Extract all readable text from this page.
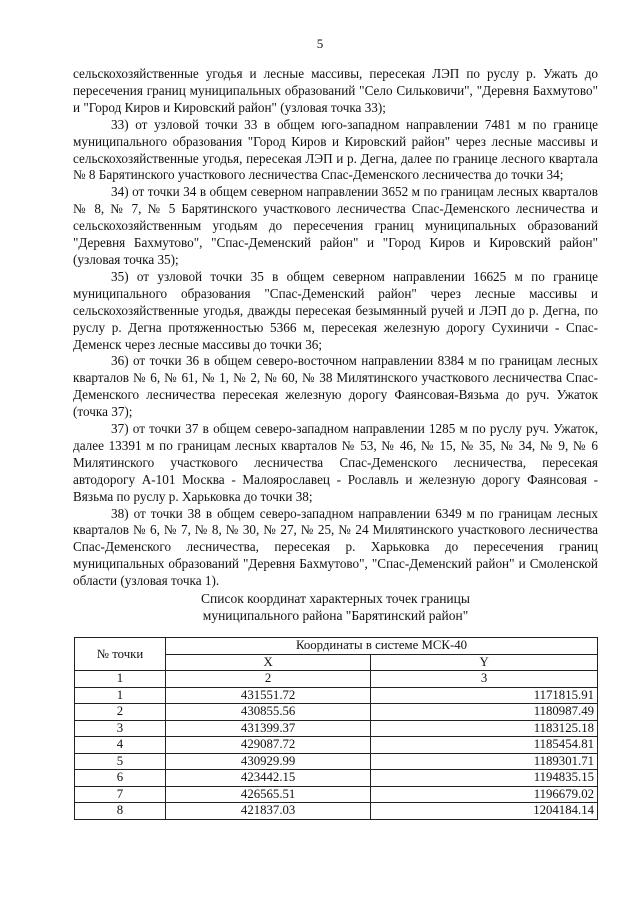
5

сельскохозяйственные угодья и лесные массивы, пересекая ЛЭП по руслу р. Ужать до пересечения границ муниципальных образований "Село Сильковичи", "Деревня Бахмутово" и "Город Киров и Кировский район" (узловая точка 33);

33) от узловой точки 33 в общем юго-западном направлении 7481 м по границе муниципального образования "Город Киров и Кировский район" через лесные массивы и сельскохозяйственные угодья, пересекая ЛЭП и р. Дегна, далее по границе лесного квартала № 8 Барятинского участкового лесничества Спас-Деменского лесничества до точки 34;

34) от точки 34 в общем северном направлении 3652 м по границам лесных кварталов № 8, № 7, № 5 Барятинского участкового лесничества Спас-Деменского лесничества и сельскохозяйственным угодьям до пересечения границ муниципальных образований "Деревня Бахмутово", "Спас-Деменский район" и "Город Киров и Кировский район" (узловая точка 35);

35) от узловой точки 35 в общем северном направлении 16625 м по границе муниципального образования "Спас-Деменский район" через лесные массивы и сельскохозяйственные угодья, дважды пересекая безымянный ручей и ЛЭП до р. Дегна, по руслу р. Дегна протяженностью 5366 м, пересекая железную дорогу Сухиничи - Спас-Деменск через лесные массивы до точки 36;

36) от точки 36 в общем северо-восточном направлении 8384 м по границам лесных кварталов № 6, № 61, № 1, № 2, № 60, № 38 Милятинского участкового лесничества Спас-Деменского лесничества пересекая железную дорогу Фаянсовая-Вязьма до руч. Ужаток (точка 37);

37) от точки 37 в общем северо-западном направлении 1285 м по руслу руч. Ужаток, далее 13391 м по границам лесных кварталов № 53, № 46, № 15, № 35, № 34, № 9, № 6 Милятинского участкового лесничества Спас-Деменского лесничества, пересекая автодорогу А-101 Москва - Малоярославец - Рославль и железную дорогу Фаянсовая - Вязьма по руслу р. Харьковка до точки 38;

38) от точки 38 в общем северо-западном направлении 6349 м по границам лесных кварталов № 6, № 7, № 8, № 30, № 27, № 25, № 24 Милятинского участкового лесничества Спас-Деменского лесничества, пересекая р. Харьковка до пересечения границ муниципальных образований "Деревня Бахмутово", "Спас-Деменский район" и Смоленской области (узловая точка 1).

Список координат характерных точек границы
муниципального района "Барятинский район"
№ точки	Координаты в системе МСК-40	
	X	Y
1	2	3
1	431551.72	1171815.91
2	430855.56	1180987.49
3	431399.37	1183125.18
4	429087.72	1185454.81
5	430929.99	1189301.71
6	423442.15	1194835.15
7	426565.51	1196679.02
8	421837.03	1204184.14
